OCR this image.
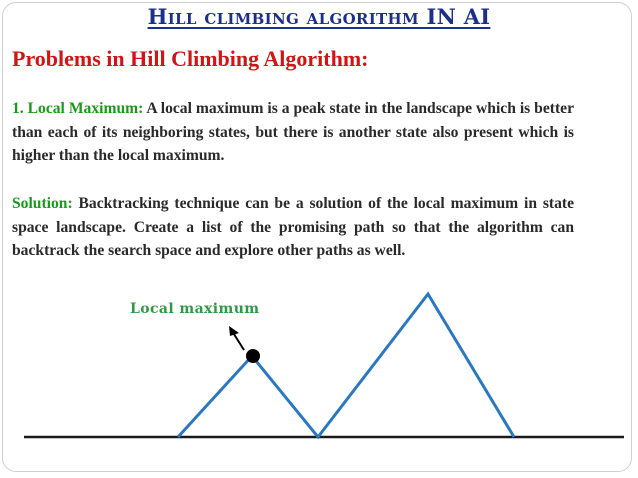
Hill climbing algorithm IN AI
Problems in Hill Climbing Algorithm:
1. Local Maximum: A local maximum is a peak state in the landscape which is better than each of its neighboring states, but there is another state also present which is higher than the local maximum.
Solution: Backtracking technique can be a solution of the local maximum in state space landscape. Create a list of the promising path so that the algorithm can backtrack the search space and explore other paths as well.
Local maximum
